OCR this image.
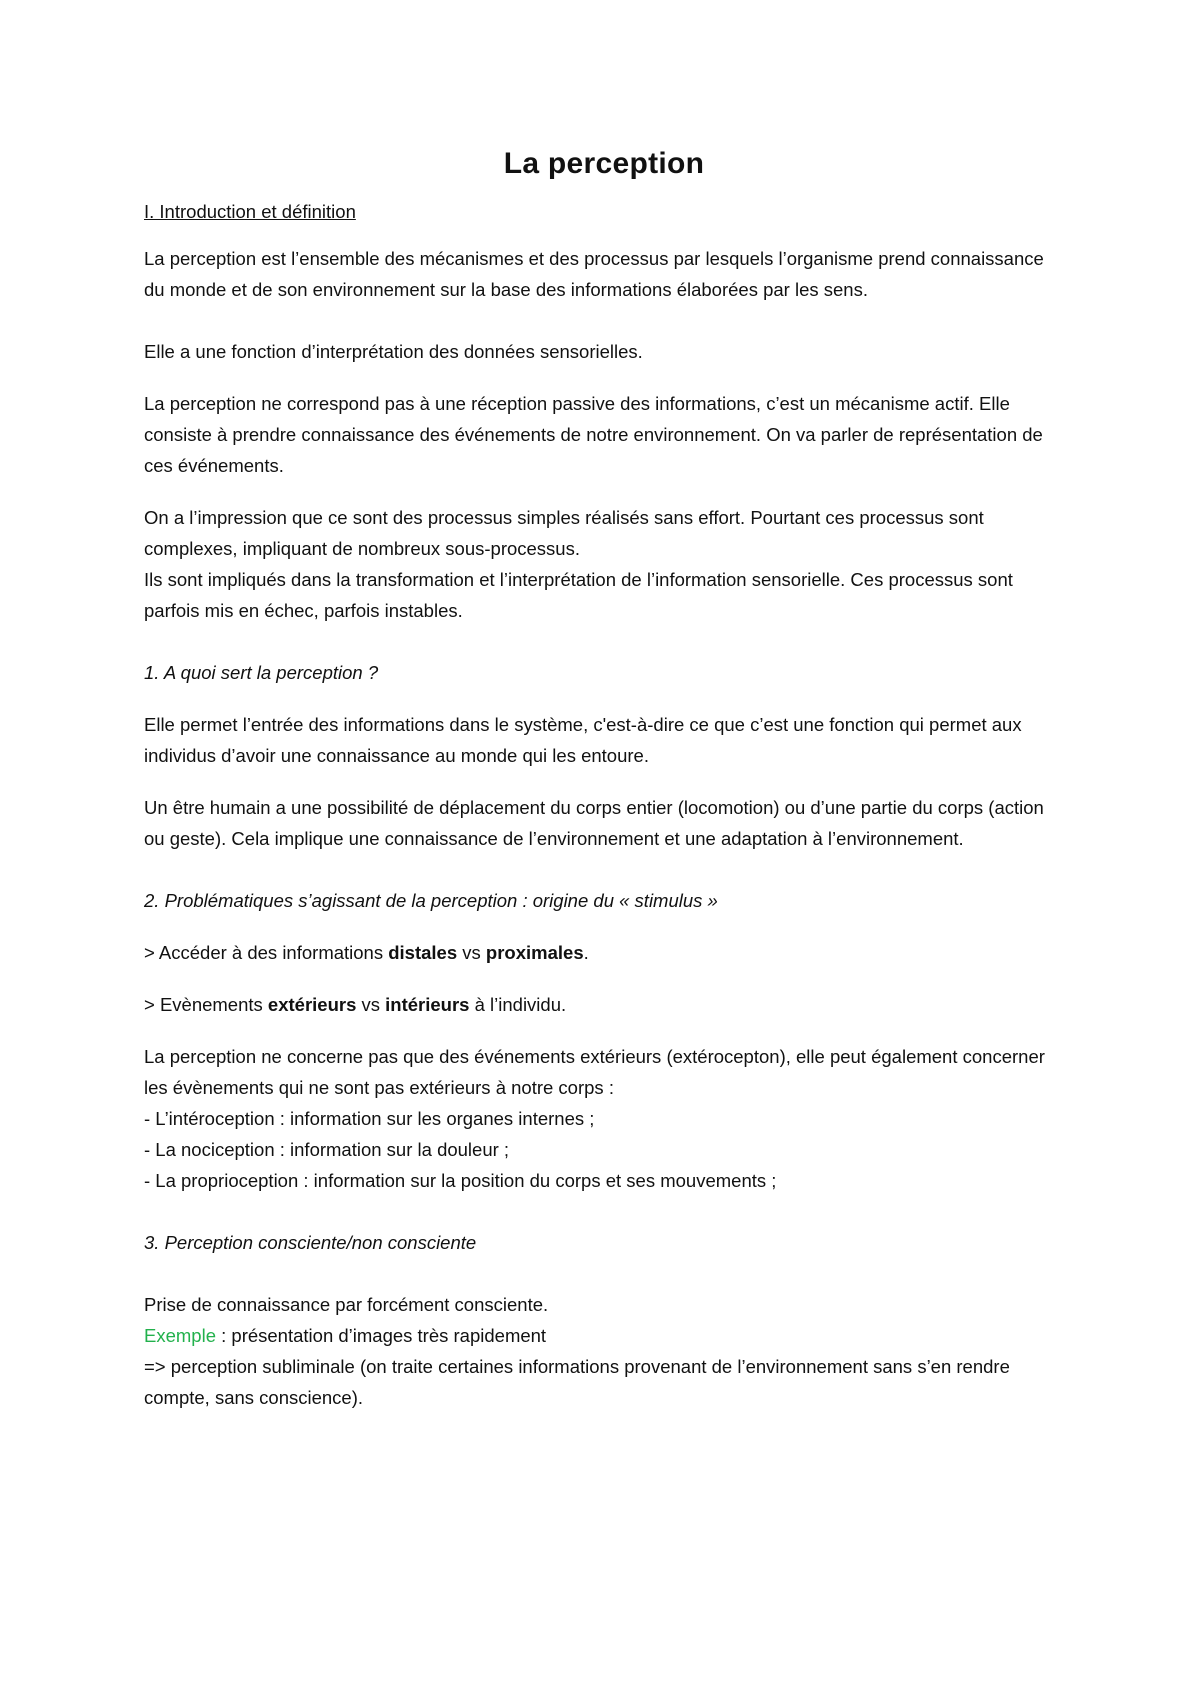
La perception
I. Introduction et définition

La perception est l’ensemble des mécanismes et des processus par lesquels l’organisme prend connaissance du monde et de son environnement sur la base des informations élaborées par les sens.

Elle a une fonction d’interprétation des données sensorielles.

La perception ne correspond pas à une réception passive des informations, c’est un mécanisme actif. Elle consiste à prendre connaissance des événements de notre environnement. On va parler de représentation de ces événements.

On a l’impression que ce sont des processus simples réalisés sans effort. Pourtant ces processus sont complexes, impliquant de nombreux sous-processus.
Ils sont impliqués dans la transformation et l’interprétation de l’information sensorielle. Ces processus sont parfois mis en échec, parfois instables.

1. A quoi sert la perception ?

Elle permet l’entrée des informations dans le système, c'est-à-dire ce que c’est une fonction qui permet aux individus d’avoir une connaissance au monde qui les entoure.

Un être humain a une possibilité de déplacement du corps entier (locomotion) ou d’une partie du corps (action ou geste). Cela implique une connaissance de l’environnement et une adaptation à l’environnement.

2. Problématiques s’agissant de la perception : origine du « stimulus »

> Accéder à des informations distales vs proximales.

> Evènements extérieurs vs intérieurs à l’individu.

La perception ne concerne pas que des événements extérieurs (extérocepton), elle peut également concerner les évènements qui ne sont pas extérieurs à notre corps :
- L’intéroception : information sur les organes internes ;
- La nociception : information sur la douleur ;
- La proprioception : information sur la position du corps et ses mouvements ;

3. Perception consciente/non consciente

Prise de connaissance par forcément consciente.
Exemple : présentation d’images très rapidement
=> perception subliminale (on traite certaines informations provenant de l’environnement sans s’en rendre compte, sans conscience).
